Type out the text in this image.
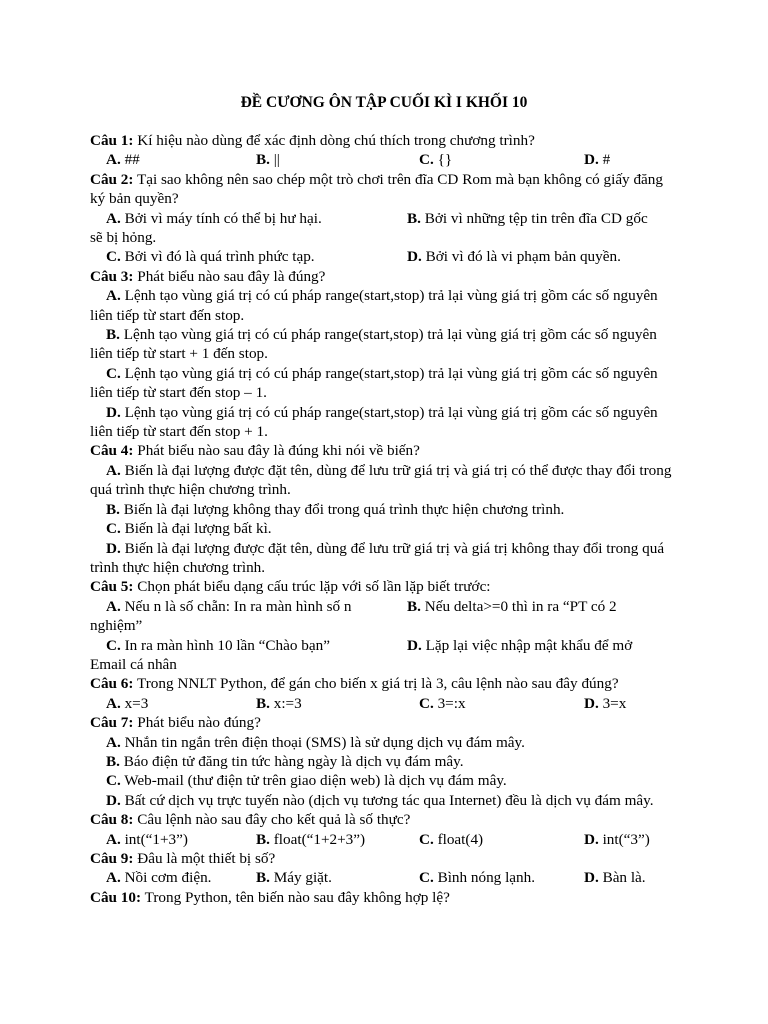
ĐỀ CƯƠNG ÔN TẬP CUỐI KÌ I KHỐI 10
Câu 1: Kí hiệu nào dùng để xác định dòng chú thích trong chương trình?
A. ##	B. ||	C. {}	D. #
Câu 2: Tại sao không nên sao chép một trò chơi trên đĩa CD Rom mà bạn không có giấy đăng ký bản quyền?
A. Bởi vì máy tính có thể bị hư hại.	B. Bởi vì những tệp tin trên đĩa CD gốc
sẽ bị hỏng.
C. Bởi vì đó là quá trình phức tạp.	D. Bởi vì đó là vi phạm bản quyền.
Câu 3: Phát biểu nào sau đây là đúng?

A. Lệnh tạo vùng giá trị có cú pháp range(start,stop) trả lại vùng giá trị gồm các số nguyên liên tiếp từ start đến stop.

B. Lệnh tạo vùng giá trị có cú pháp range(start,stop) trả lại vùng giá trị gồm các số nguyên liên tiếp từ start + 1 đến stop.

C. Lệnh tạo vùng giá trị có cú pháp range(start,stop) trả lại vùng giá trị gồm các số nguyên liên tiếp từ start đến stop – 1.

D. Lệnh tạo vùng giá trị có cú pháp range(start,stop) trả lại vùng giá trị gồm các số nguyên liên tiếp từ start đến stop + 1.

Câu 4: Phát biểu nào sau đây là đúng khi nói về biến?

A. Biến là đại lượng được đặt tên, dùng để lưu trữ giá trị và giá trị có thể được thay đổi trong quá trình thực hiện chương trình.

B. Biến là đại lượng không thay đổi trong quá trình thực hiện chương trình.

C. Biến là đại lượng bất kì.

D. Biến là đại lượng được đặt tên, dùng để lưu trữ giá trị và giá trị không thay đổi trong quá trình thực hiện chương trình.

Câu 5: Chọn phát biểu dạng cấu trúc lặp với số lần lặp biết trước:
A. Nếu n là số chẵn: In ra màn hình số n	B. Nếu delta>=0 thì in ra “PT có 2
nghiệm”
C. In ra màn hình 10 lần “Chào bạn”	D. Lặp lại việc nhập mật khẩu để mở
Email cá nhân
Câu 6: Trong NNLT Python, để gán cho biến x giá trị là 3, câu lệnh nào sau đây đúng?
A. x=3	B. x:=3	C. 3=:x	D. 3=x
Câu 7: Phát biểu nào đúng?

A. Nhắn tin ngắn trên điện thoại (SMS) là sử dụng dịch vụ đám mây.

B. Báo điện tử đăng tin tức hàng ngày là dịch vụ đám mây.

C. Web-mail (thư điện tử trên giao diện web) là dịch vụ đám mây.

D. Bất cứ dịch vụ trực tuyến nào (dịch vụ tương tác qua Internet) đều là dịch vụ đám mây.

Câu 8: Câu lệnh nào sau đây cho kết quả là số thực?
A. int(“1+3”)	B. float(“1+2+3”)	C. float(4)	D. int(“3”)
Câu 9: Đâu là một thiết bị số?
A. Nồi cơm điện.	B. Máy giặt.	C. Bình nóng lạnh.	D. Bàn là.
Câu 10: Trong Python, tên biến nào sau đây không hợp lệ?
